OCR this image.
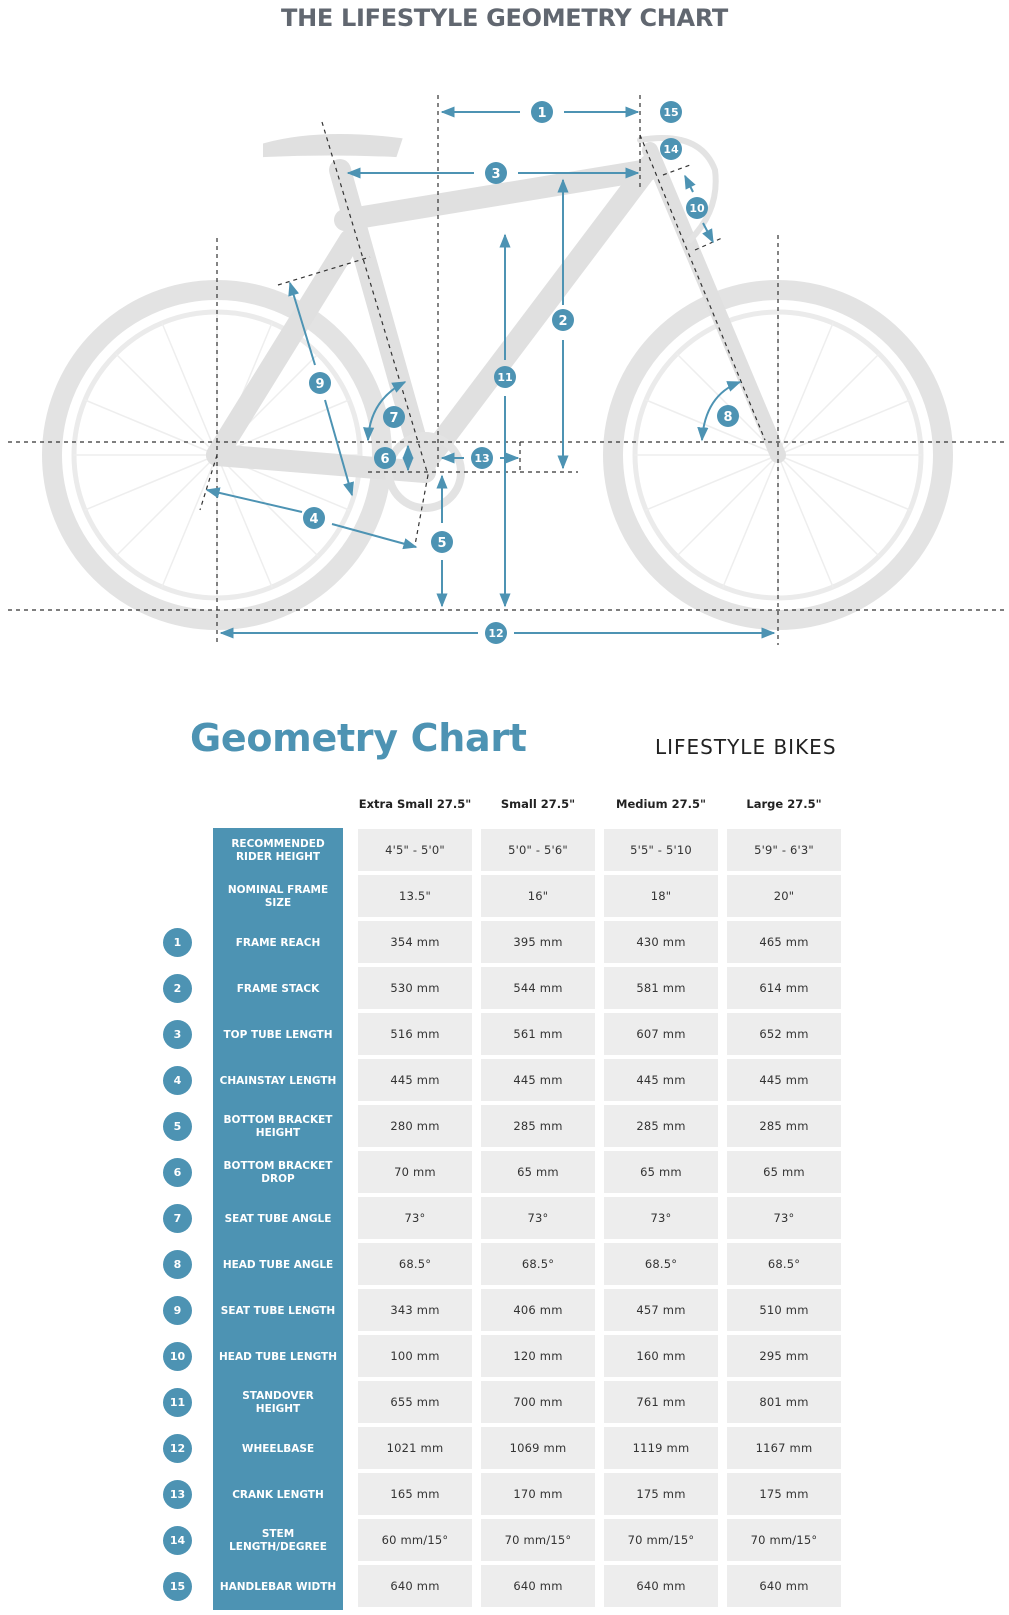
THE LIFESTYLE GEOMETRY CHART
1
2
3
4
5
6
7	8
9
10
11
12
13
14
15
Geometry Chart	LIFESTYLE BIKES
Extra Small 27.5"	Small 27.5"	Medium 27.5"	Large 27.5"
RECOMMENDED RIDER HEIGHT	4'5" - 5'0"	5'0" - 5'6"	5'5" - 5'10	5'9" - 6'3"
NOMINAL FRAME SIZE	13.5"	16"	18"	20"
1	FRAME REACH	354 mm	395 mm	430 mm	465 mm
2	FRAME STACK	530 mm	544 mm	581 mm	614 mm
3	TOP TUBE LENGTH	516 mm	561 mm	607 mm	652 mm
4	CHAINSTAY LENGTH	445 mm	445 mm	445 mm	445 mm
5	BOTTOM BRACKET HEIGHT	280 mm	285 mm	285 mm	285 mm
6	BOTTOM BRACKET DROP	70 mm	65 mm	65 mm	65 mm
7	SEAT TUBE ANGLE	73°	73°	73°	73°
8	HEAD TUBE ANGLE	68.5°	68.5°	68.5°	68.5°
9	SEAT TUBE LENGTH	343 mm	406 mm	457 mm	510 mm
10	HEAD TUBE LENGTH	100 mm	120 mm	160 mm	295 mm
11	STANDOVER HEIGHT	655 mm	700 mm	761 mm	801 mm
12	WHEELBASE	1021 mm	1069 mm	1119 mm	1167 mm
13	CRANK LENGTH	165 mm	170 mm	175 mm	175 mm
14	STEM LENGTH/DEGREE	60 mm/15°	70 mm/15°	70 mm/15°	70 mm/15°
15	HANDLEBAR WIDTH	640 mm	640 mm	640 mm	640 mm
